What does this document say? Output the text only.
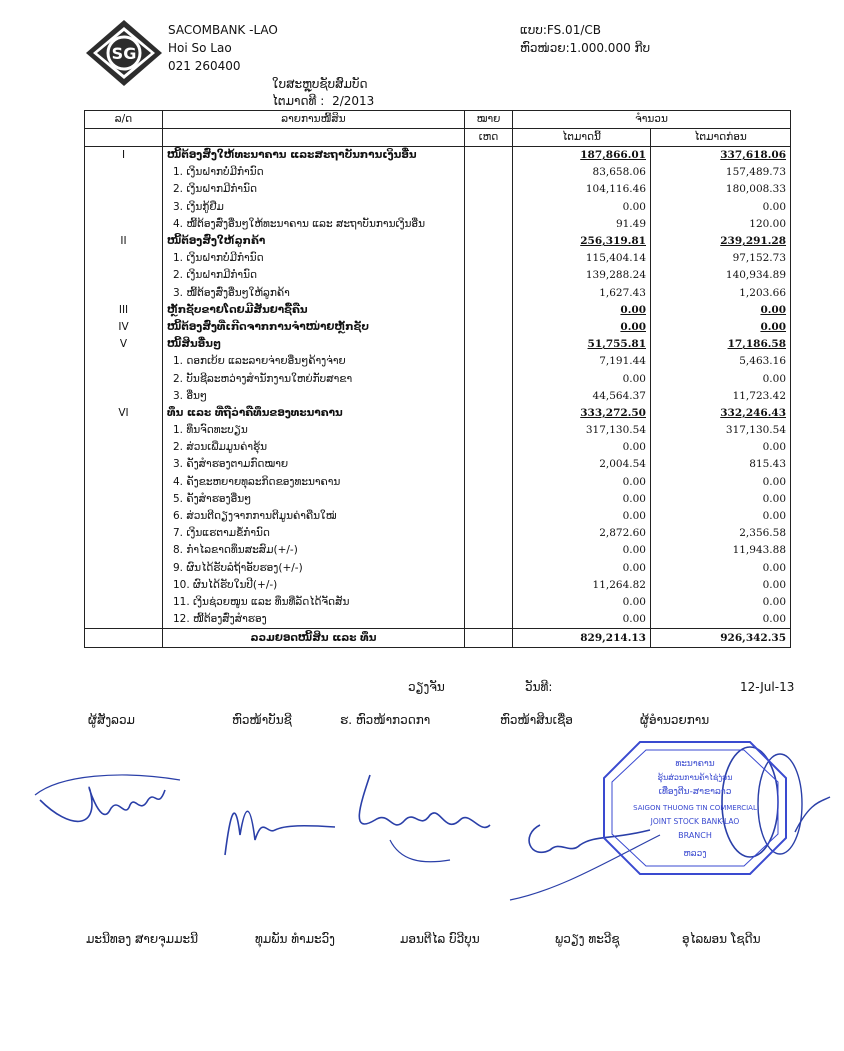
SG
SACOMBANK -LAO
Hoi So Lao
021 260400
ແບບ:FS.01/CB
ຫົວໜ່ວຍ:1.000.000 ກີບ
ໃບສະຫຼຸບຊັບສົມບັດ
ໄຕມາດທີ : 2/2013
ລ/ດ	ລາຍການໜີ້ສິນ	ໝາຍ	ຈຳນວນ	
		ເຫດ	ໄຕມາດນີ້	ໄຕມາດກ່ອນ
I	ໜີ້ຕ້ອງສົ່ງໃຫ້ທະນາຄານ ແລະສະຖາບັນການເງິນອື່ນ		187,866.01	337,618.06
	1. ເງິນຝາກບໍ່ມີກຳນົດ		83,658.06	157,489.73
	2. ເງິນຝາກມີກຳນົດ		104,116.46	180,008.33
	3. ເງິນກູ້ຢືມ		0.00	0.00
	4. ໜີ້ຕ້ອງສົ່ງອື່ນໆໃຫ້ທະນາຄານ ແລະ ສະຖາບັນການເງິນອື່ນ		91.49	120.00
II	ໜີ້ຕ້ອງສົ່ງໃຫ້ລູກຄ້າ		256,319.81	239,291.28
	1. ເງິນຝາກບໍ່ມີກຳນົດ		115,404.14	97,152.73
	2. ເງິນຝາກມີກຳນົດ		139,288.24	140,934.89
	3. ໜີ້ຕ້ອງສົ່ງອື່ນໆໃຫ້ລູກຄ້າ		1,627.43	1,203.66
III	ຫຼັກຊັບຂາຍໂດຍມີສັນຍາຊື້ຄືນ		0.00	0.00
IV	ໜີ້ຕ້ອງສົ່ງທີ່ເກີດຈາກການຈຳໜ່າຍຫຼັກຊັບ		0.00	0.00
V	ໜີ້ສິນອື່ນໆ		51,755.81	17,186.58
	1. ດອກເບ້ຍ ແລະລາຍຈ່າຍອື່ນໆຄ້າງຈ່າຍ		7,191.44	5,463.16
	2. ບັນຊີລະຫວ່າງສຳນັກງານໃຫຍ່ກັບສາຂາ		0.00	0.00
	3. ອື່ນໆ		44,564.37	11,723.42
VI	ທຶນ ແລະ ທີ່ຖືວ່າຄືທຶນຂອງທະນາຄານ		333,272.50	332,246.43
	1. ທຶນຈົດທະບຽນ		317,130.54	317,130.54
	2. ສ່ວນເພີ່ມມູນຄ່າຮຸ້ນ		0.00	0.00
	3. ຄັງສຳຮອງຕາມກົດໝາຍ		2,004.54	815.43
	4. ຄັງຂະຫຍາຍທຸລະກິດຂອງທະນາຄານ		0.00	0.00
	5. ຄັງສຳຮອງອື່ນໆ		0.00	0.00
	6. ສ່ວນຕີດຽງຈາກການຕີມູນຄ່າຄືນໃໝ່		0.00	0.00
	7. ເງິນແຮຕາມຂໍ້ກຳນົດ		2,872.60	2,356.58
	8. ກຳໄລຂາດທຶນສະສົມ(+/-)		0.00	11,943.88
	9. ຜົນໄດ້ຮັບລໍຖ້າອັບຮອງ(+/-)		0.00	0.00
	10. ຜົນໄດ້ຮັບໃນປີ(+/-)		11,264.82	0.00
	11. ເງິນຊ່ວຍໜູນ ແລະ ທຶນທີ່ລັດໄດ້ຈັດສັນ		0.00	0.00
	12. ໜີ້ຕ້ອງສົ່ງສຳຮອງ		0.00	0.00
	ລວມຍອດໜີ້ສິນ ແລະ ທຶນ		829,214.13	926,342.35
ວຽງຈັນ	ວັນທີ:	12-Jul-13
ຜູ້ສັງລວມ	ຫົວໜ້າບັນຊີ	ຮ. ຫົວໜ້າກວດກາ	ຫົວໜ້າສິນເຊື່ອ	ຜູ້ອຳນວຍການ
ທະນາຄານ
ຮຸ້ນສ່ວນການຄ້າໄຊ່ງ່ອນ
ເທື່ອງຕີນ-ສາຂາລາວ
SAIGON THUONG TIN COMMERCIAL
JOINT STOCK BANK-LAO
BRANCH
ຫລວງ
ມະນີທອງ ສາຍຈຸມມະນີ	ທຸມພັນ ທຳມະວົງ	ມອນຕີໄລ ບົວີບຸນ	ພູວຽງ ທະວີຊຸ	ອຸໄລພອນ ໂຊດີນ
